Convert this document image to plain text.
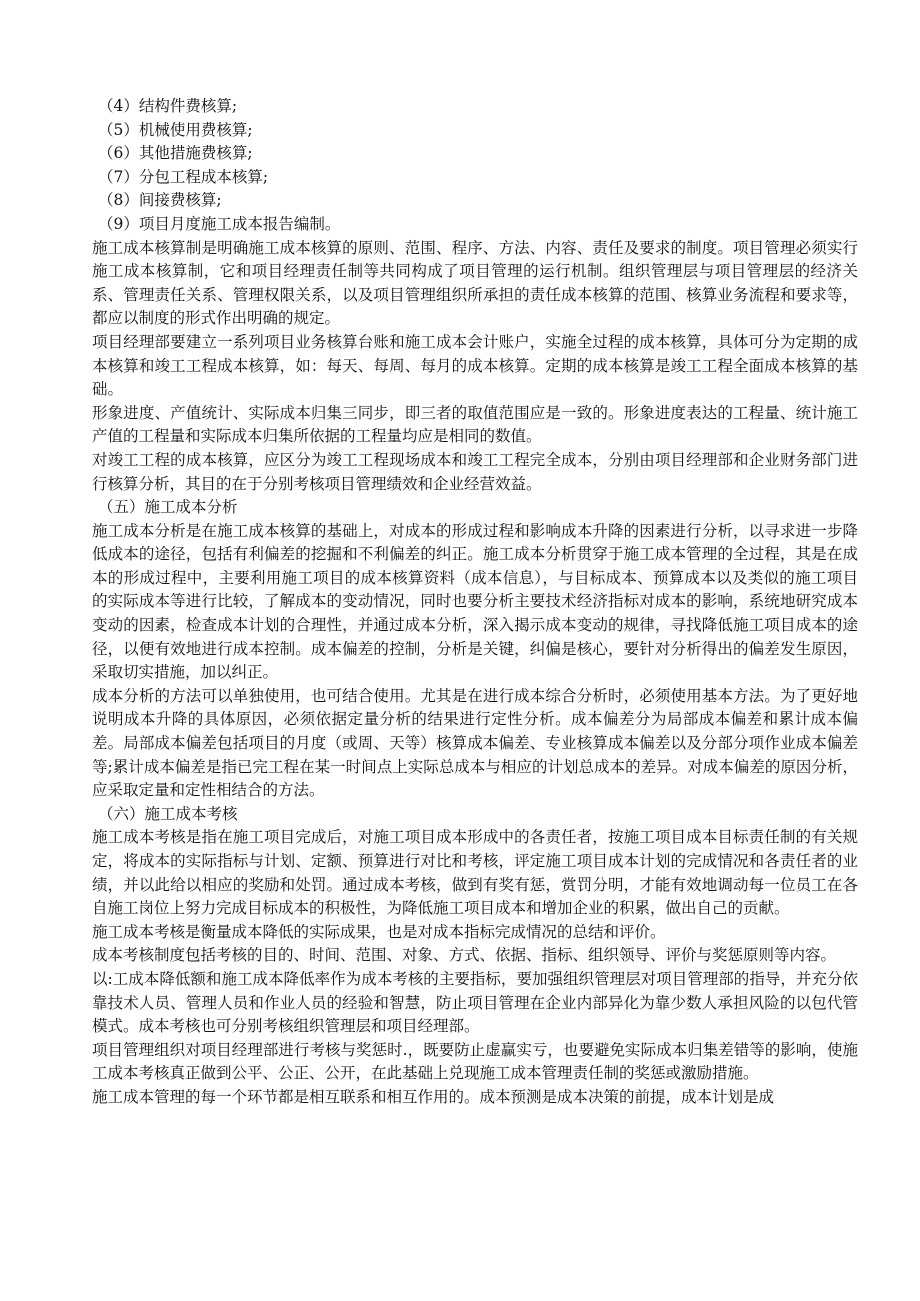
（4）结构件费核算;

（5）机械使用费核算;

（6）其他措施费核算;

（7）分包工程成本核算;

（8）间接费核算;

（9）项目月度施工成本报告编制。

施工成本核算制是明确施工成本核算的原则、范围、程序、方法、内容、责任及要求的制度。项目管理必须实行施工成本核算制，它和项目经理责任制等共同构成了项目管理的运行机制。组织管理层与项目管理层的经济关系、管理责任关系、管理权限关系，以及项目管理组织所承担的责任成本核算的范围、核算业务流程和要求等，都应以制度的形式作出明确的规定。

项目经理部要建立一系列项目业务核算台账和施工成本会计账户，实施全过程的成本核算，具体可分为定期的成本核算和竣工工程成本核算，如：每天、每周、每月的成本核算。定期的成本核算是竣工工程全面成本核算的基础。

形象进度、产值统计、实际成本归集三同步，即三者的取值范围应是一致的。形象进度表达的工程量、统计施工产值的工程量和实际成本归集所依据的工程量均应是相同的数值。

对竣工工程的成本核算，应区分为竣工工程现场成本和竣工工程完全成本，分别由项目经理部和企业财务部门进行核算分析，其目的在于分别考核项目管理绩效和企业经营效益。

（五）施工成本分析

施工成本分析是在施工成本核算的基础上，对成本的形成过程和影响成本升降的因素进行分析，以寻求进一步降低成本的途径，包括有利偏差的挖掘和不利偏差的纠正。施工成本分析贯穿于施工成本管理的全过程，其是在成本的形成过程中，主要利用施工项目的成本核算资料（成本信息），与目标成本、预算成本以及类似的施工项目的实际成本等进行比较，了解成本的变动情况，同时也要分析主要技术经济指标对成本的影响，系统地研究成本变动的因素，检查成本计划的合理性，并通过成本分析，深入揭示成本变动的规律，寻找降低施工项目成本的途径，以便有效地进行成本控制。成本偏差的控制，分析是关键，纠偏是核心，要针对分析得出的偏差发生原因，采取切实措施，加以纠正。

成本分析的方法可以单独使用，也可结合使用。尤其是在进行成本综合分析时，必须使用基本方法。为了更好地说明成本升降的具体原因，必须依据定量分析的结果进行定性分析。成本偏差分为局部成本偏差和累计成本偏差。局部成本偏差包括项目的月度（或周、天等）核算成本偏差、专业核算成本偏差以及分部分项作业成本偏差等;累计成本偏差是指已完工程在某一时间点上实际总成本与相应的计划总成本的差异。对成本偏差的原因分析，应采取定量和定性相结合的方法。

（六）施工成本考核

施工成本考核是指在施工项目完成后，对施工项目成本形成中的各责任者，按施工项目成本目标责任制的有关规定，将成本的实际指标与计划、定额、预算进行对比和考核，评定施工项目成本计划的完成情况和各责任者的业绩，并以此给以相应的奖励和处罚。通过成本考核，做到有奖有惩，赏罚分明，才能有效地调动每一位员工在各自施工岗位上努力完成目标成本的积极性，为降低施工项目成本和增加企业的积累，做出自己的贡献。

施工成本考核是衡量成本降低的实际成果，也是对成本指标完成情况的总结和评价。

成本考核制度包括考核的目的、时间、范围、对象、方式、依据、指标、组织领导、评价与奖惩原则等内容。

以:工成本降低额和施工成本降低率作为成本考核的主要指标，要加强组织管理层对项目管理部的指导，并充分依靠技术人员、管理人员和作业人员的经验和智慧，防止项目管理在企业内部异化为靠少数人承担风险的以包代管模式。成本考核也可分别考核组织管理层和项目经理部。

项目管理组织对项目经理部进行考核与奖惩时.，既要防止虚赢实亏，也要避免实际成本归集差错等的影响，使施工成本考核真正做到公平、公正、公开，在此基础上兑现施工成本管理责任制的奖惩或激励措施。

施工成本管理的每一个环节都是相互联系和相互作用的。成本预测是成本决策的前提，成本计划是成
